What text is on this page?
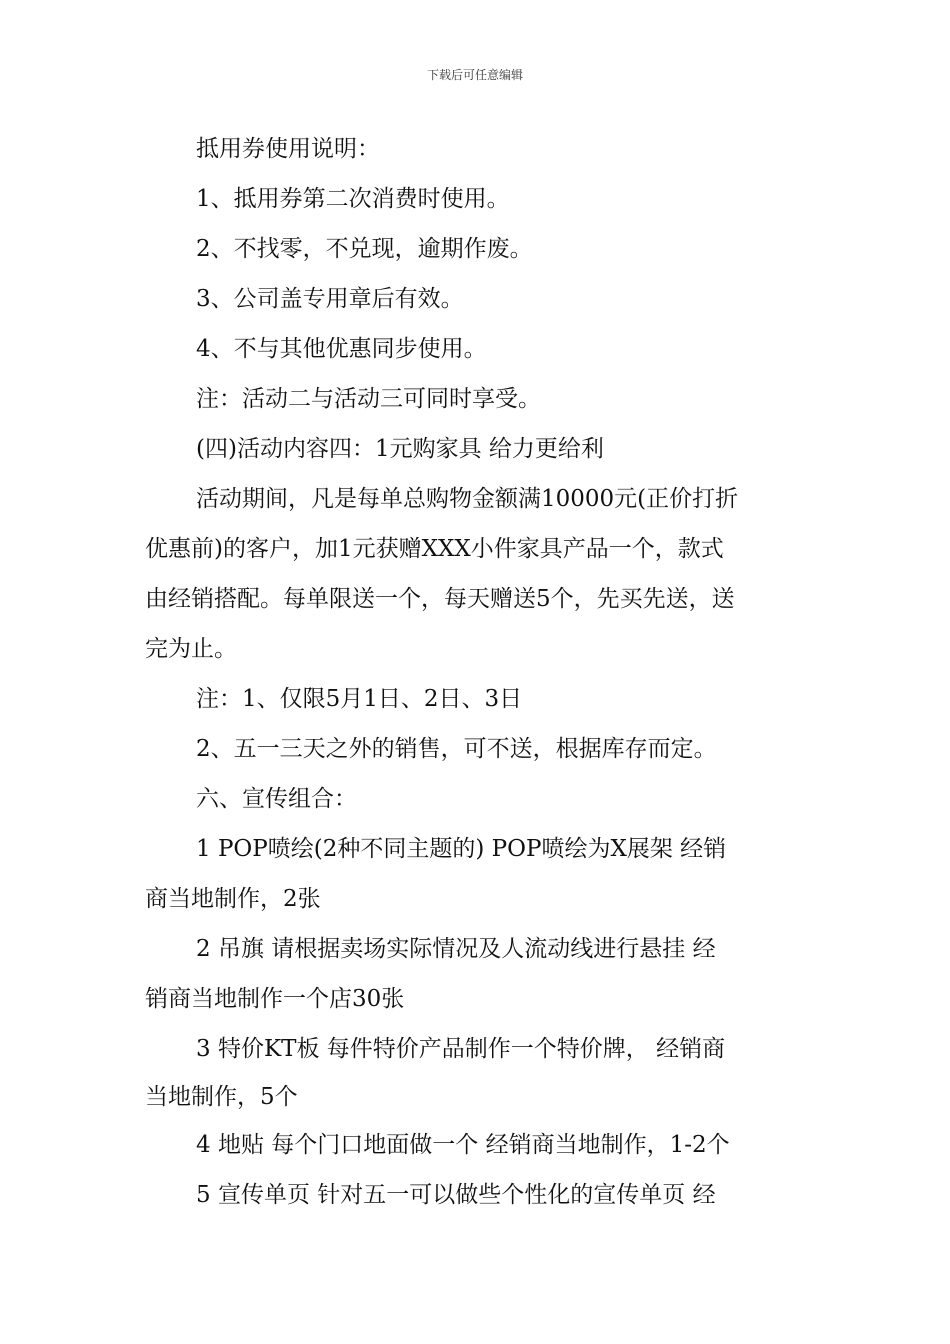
下载后可任意编辑
抵用券使用说明：
1、抵用券第二次消费时使用。
2、不找零，不兑现，逾期作废。
3、公司盖专用章后有效。
4、不与其他优惠同步使用。
注：活动二与活动三可同时享受。
(四)活动内容四：1元购家具 给力更给利
活动期间，凡是每单总购物金额满10000元(正价打折
优惠前)的客户，加1元获赠XXX小件家具产品一个，款式
由经销搭配。每单限送一个，每天赠送5个，先买先送，送
完为止。
注：1、仅限5月1日、2日、3日
2、五一三天之外的销售，可不送，根据库存而定。
六、宣传组合：
1 POP喷绘(2种不同主题的) POP喷绘为X展架 经销
商当地制作，2张
2 吊旗 请根据卖场实际情况及人流动线进行悬挂 经
销商当地制作一个店30张
3 特价KT板 每件特价产品制作一个特价牌， 经销商
当地制作，5个
4 地贴 每个门口地面做一个 经销商当地制作，1-2个
5 宣传单页 针对五一可以做些个性化的宣传单页 经
